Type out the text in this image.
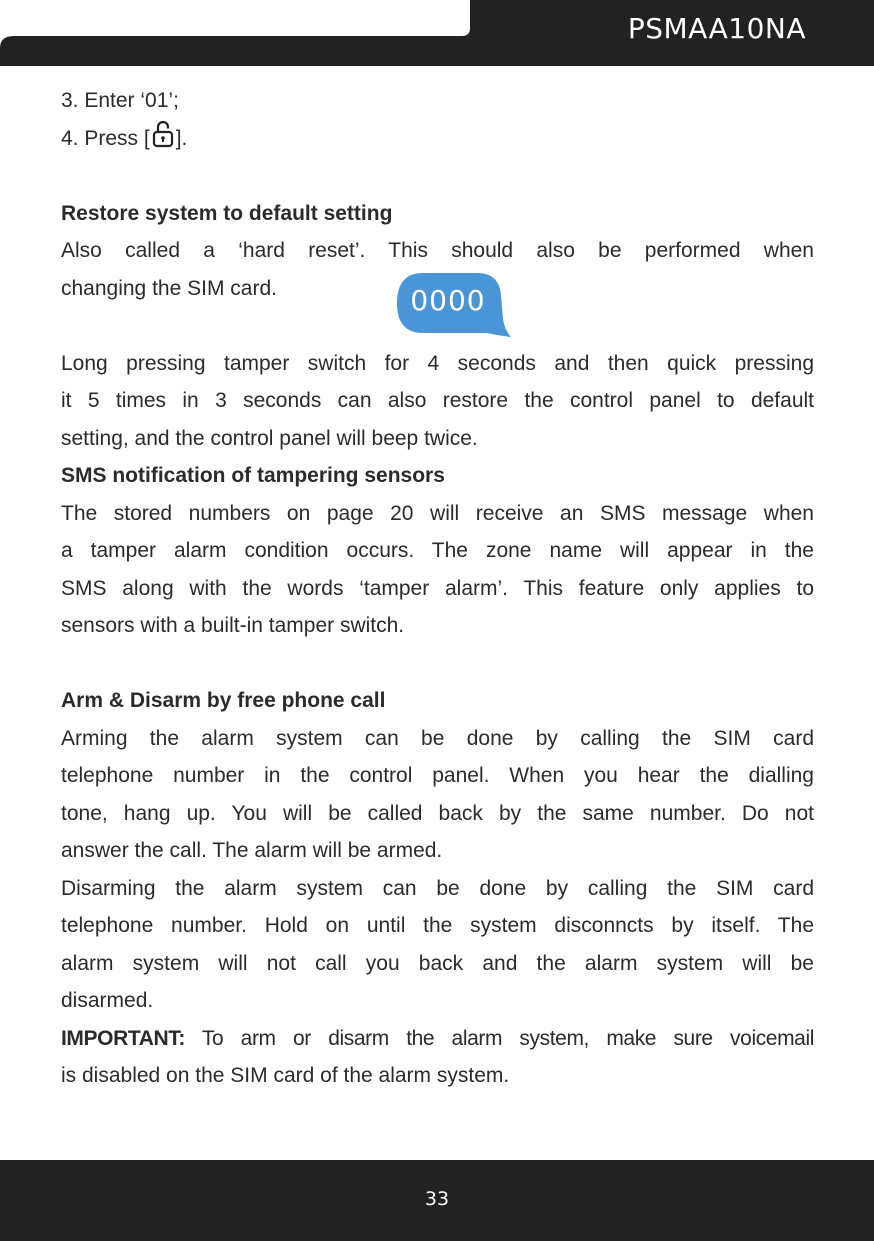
PSMAA10NA

3. Enter ‘01’;

4. Press [ ].

Restore system to default setting

Also called a ‘hard reset’. This should also be performed when
changing the SIM card.
Long pressing tamper switch for 4 seconds and then quick pressing
it 5 times in 3 seconds can also restore the control panel to default
setting, and the control panel will beep twice.

SMS notification of tampering sensors

The stored numbers on page 20 will receive an SMS message when
a tamper alarm condition occurs. The zone name will appear in the
SMS along with the words ‘tamper alarm’. This feature only applies to
sensors with a built-in tamper switch.

Arm & Disarm by free phone call

Arming the alarm system can be done by calling the SIM card
telephone number in the control panel. When you hear the dialling
tone, hang up. You will be called back by the same number. Do not
answer the call. The alarm will be armed.
Disarming the alarm system can be done by calling the SIM card
telephone number. Hold on until the system disconncts by itself. The
alarm system will not call you back and the alarm system will be
disarmed.
IMPORTANT: To arm or disarm the alarm system, make sure voicemail
is disabled on the SIM card of the alarm system.
0000
33
